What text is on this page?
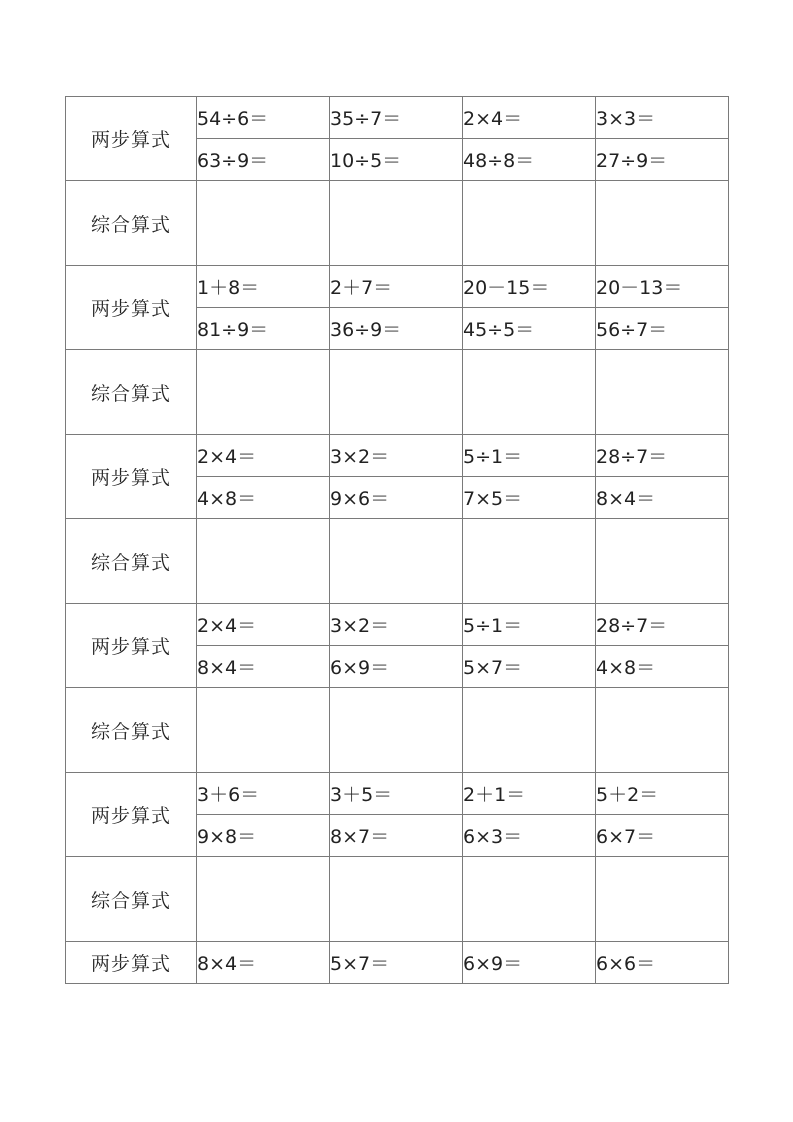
两步算式	54÷6＝	35÷7＝	2×4＝	3×3＝
	63÷9＝	10÷5＝	48÷8＝	27÷9＝
综合算式				
两步算式	1＋8＝	2＋7＝	20－15＝	20－13＝
	81÷9＝	36÷9＝	45÷5＝	56÷7＝
综合算式				
两步算式	2×4＝	3×2＝	5÷1＝	28÷7＝
	4×8＝	9×6＝	7×5＝	8×4＝
综合算式				
两步算式	2×4＝	3×2＝	5÷1＝	28÷7＝
	8×4＝	6×9＝	5×7＝	4×8＝
综合算式				
两步算式	3＋6＝	3＋5＝	2＋1＝	5＋2＝
	9×8＝	8×7＝	6×3＝	6×7＝
综合算式				
两步算式	8×4＝	5×7＝	6×9＝	6×6＝
